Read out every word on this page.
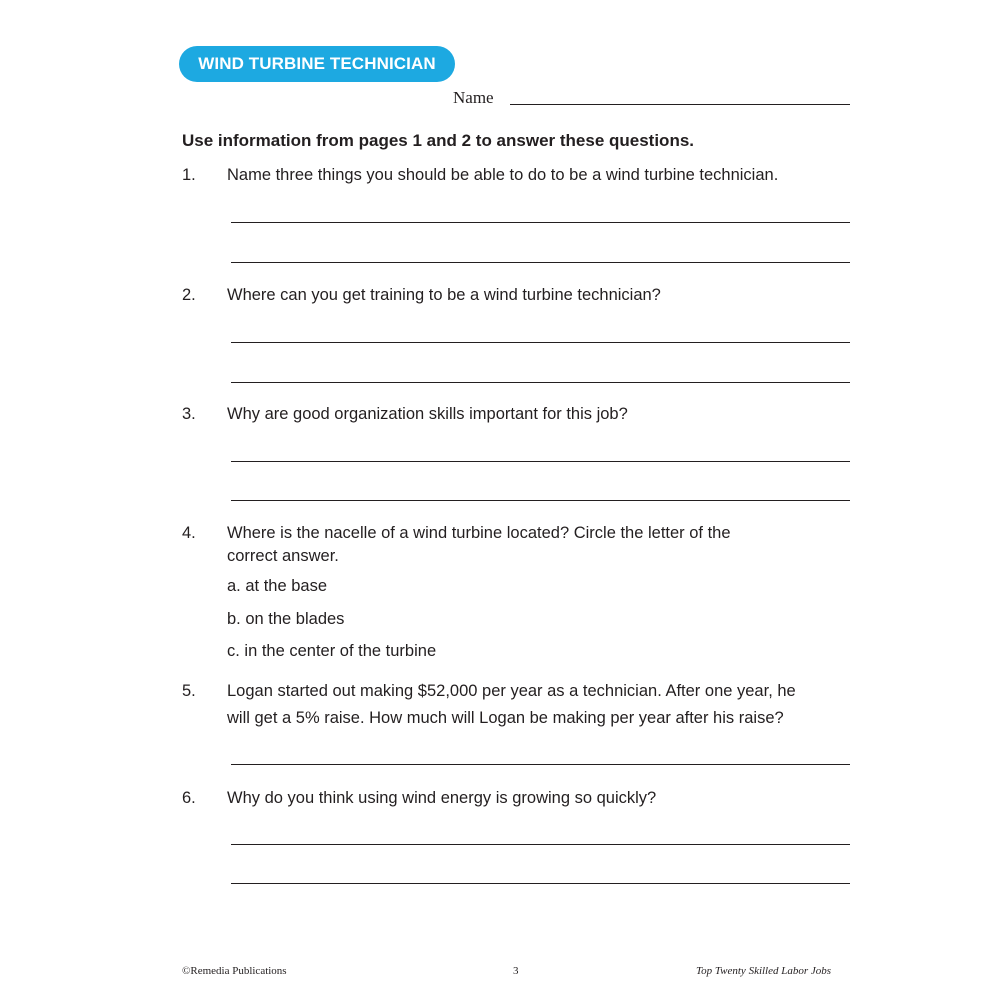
WIND TURBINE TECHNICIAN
Name
Use information from pages 1 and 2 to answer these questions.
1. Name three things you should be able to do to be a wind turbine technician.
2. Where can you get training to be a wind turbine technician?
3. Why are good organization skills important for this job?
4. Where is the nacelle of a wind turbine located? Circle the letter of the
correct answer.
a. at the base
b. on the blades
c. in the center of the turbine
5. Logan started out making $52,000 per year as a technician. After one year, he
will get a 5% raise. How much will Logan be making per year after his raise?
6. Why do you think using wind energy is growing so quickly?
©Remedia Publications	3	Top Twenty Skilled Labor Jobs
